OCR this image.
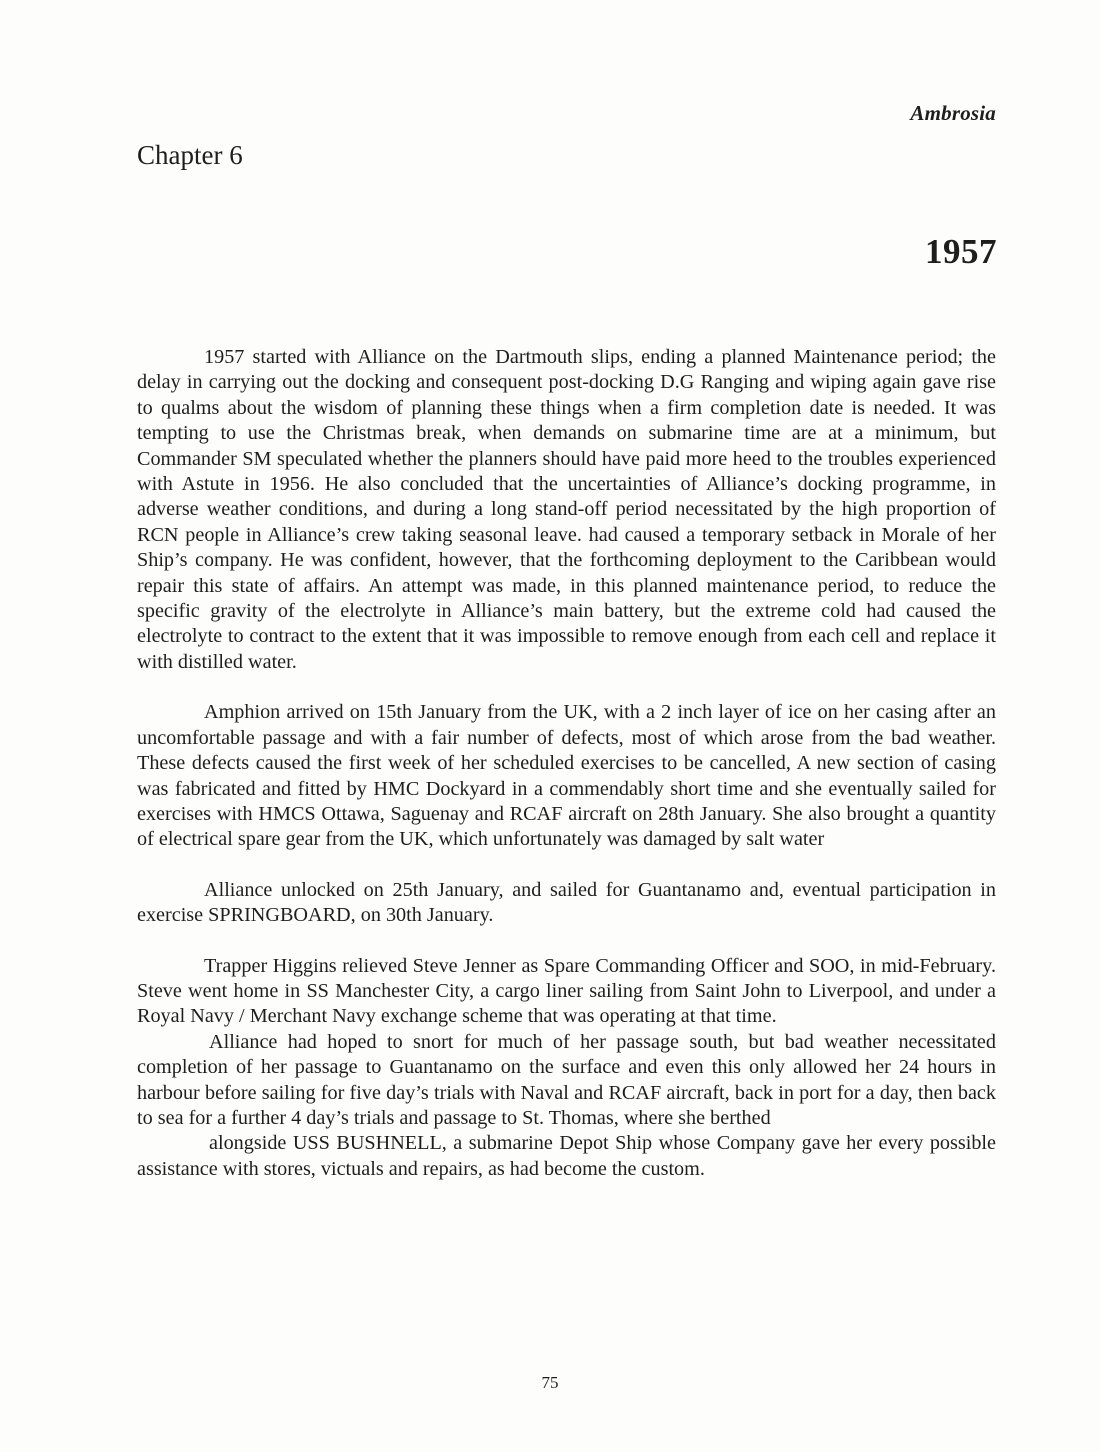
Ambrosia
Chapter 6
1957

1957 started with Alliance on the Dartmouth slips, ending a planned Maintenance period; the delay in carrying out the docking and consequent post-docking D.G Ranging and wiping again gave rise to qualms about the wisdom of planning these things when a firm completion date is needed. It was tempting to use the Christmas break, when demands on submarine time are at a minimum, but Commander SM speculated whether the planners should have paid more heed to the troubles experienced with Astute in 1956. He also concluded that the uncertainties of Alliance’s docking programme, in adverse weather conditions, and during a long stand-off period necessitated by the high proportion of RCN people in Alliance’s crew taking seasonal leave. had caused a temporary setback in Morale of her Ship’s company. He was confident, however, that the forthcoming deployment to the Caribbean would repair this state of affairs. An attempt was made, in this planned maintenance period, to reduce the specific gravity of the electrolyte in Alliance’s main battery, but the extreme cold had caused the electrolyte to contract to the extent that it was impossible to remove enough from each cell and replace it with distilled water.

Amphion arrived on 15th January from the UK, with a 2 inch layer of ice on her casing after an uncomfortable passage and with a fair number of defects, most of which arose from the bad weather. These defects caused the first week of her scheduled exercises to be cancelled, A new section of casing was fabricated and fitted by HMC Dockyard in a commendably short time and she eventually sailed for exercises with HMCS Ottawa, Saguenay and RCAF aircraft on 28th January. She also brought a quantity of electrical spare gear from the UK, which unfortunately was damaged by salt water

Alliance unlocked on 25th January, and sailed for Guantanamo and, eventual participation in exercise SPRINGBOARD, on 30th January.

Trapper Higgins relieved Steve Jenner as Spare Commanding Officer and SOO, in mid-February. Steve went home in SS Manchester City, a cargo liner sailing from Saint John to Liverpool, and under a Royal Navy / Merchant Navy exchange scheme that was operating at that time.

Alliance had hoped to snort for much of her passage south, but bad weather necessitated completion of her passage to Guantanamo on the surface and even this only allowed her 24 hours in harbour before sailing for five day’s trials with Naval and RCAF aircraft, back in port for a day, then back to sea for a further 4 day’s trials and passage to St. Thomas, where she berthed

alongside USS BUSHNELL, a submarine Depot Ship whose Company gave her every possible assistance with stores, victuals and repairs, as had become the custom.

75
